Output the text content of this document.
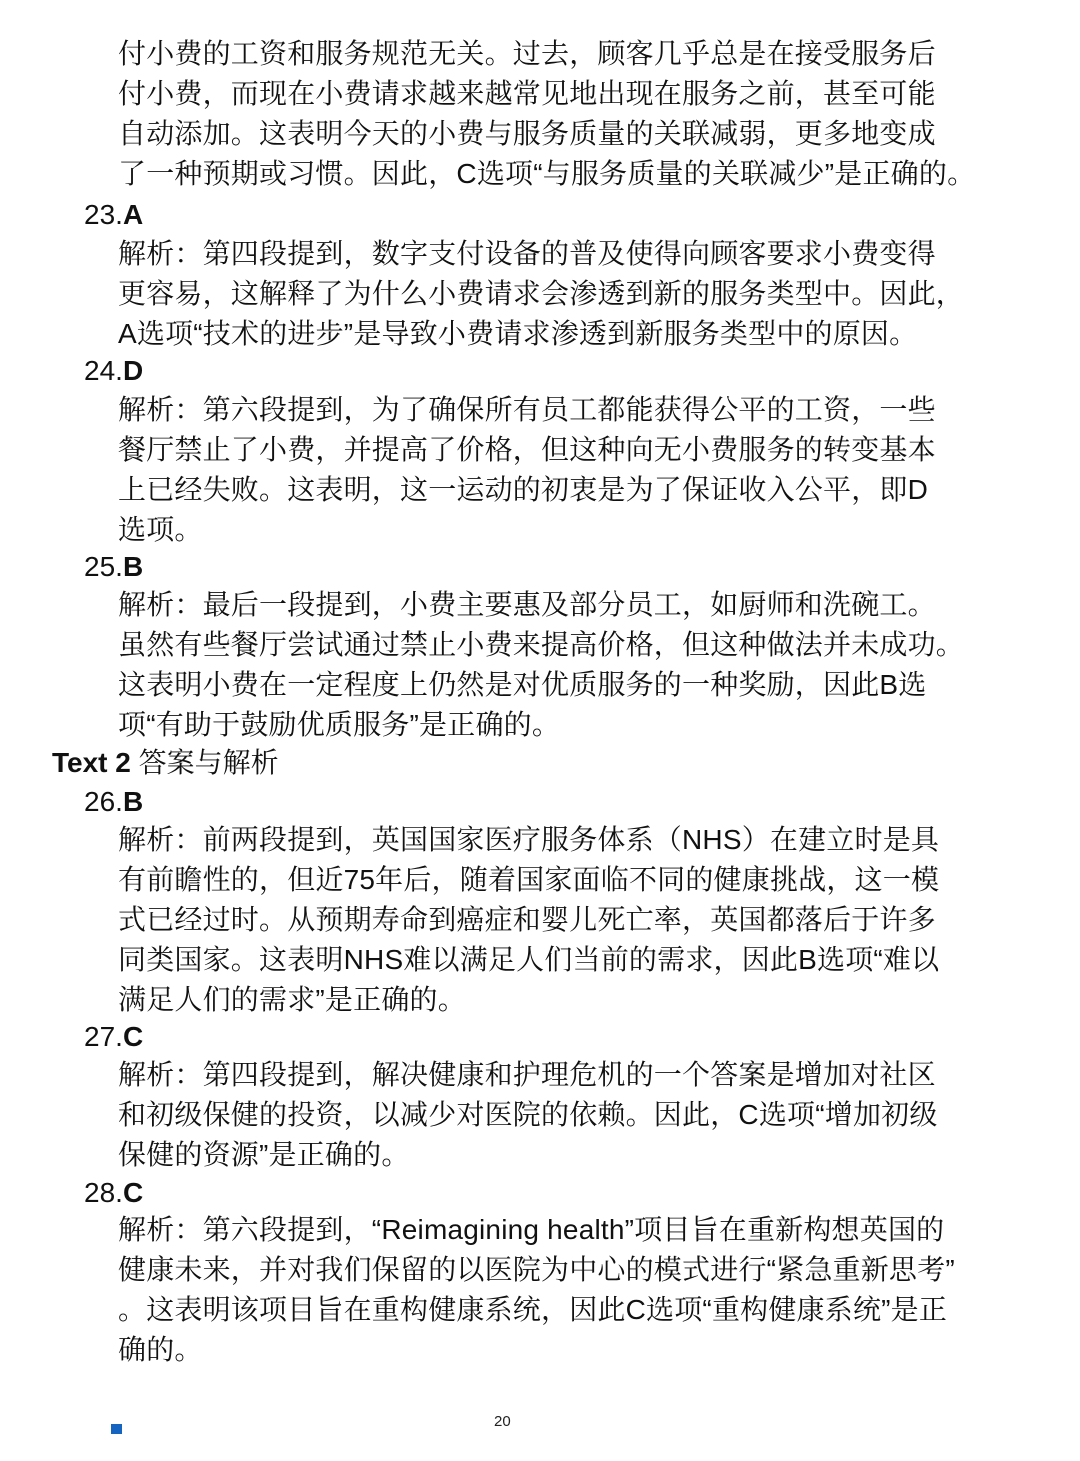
付小费的工资和服务规范无关。过去，顾客几乎总是在接受服务后
付小费，而现在小费请求越来越常见地出现在服务之前，甚至可能
自动添加。这表明今天的小费与服务质量的关联减弱，更多地变成
了一种预期或习惯。因此，C选项“与服务质量的关联减少”是正确的。
23.A
解析：第四段提到，数字支付设备的普及使得向顾客要求小费变得
更容易，这解释了为什么小费请求会渗透到新的服务类型中。因此，
A选项“技术的进步”是导致小费请求渗透到新服务类型中的原因。
24.D
解析：第六段提到，为了确保所有员工都能获得公平的工资，一些
餐厅禁止了小费，并提高了价格，但这种向无小费服务的转变基本
上已经失败。这表明，这一运动的初衷是为了保证收入公平，即D
选项。
25.B
解析：最后一段提到，小费主要惠及部分员工，如厨师和洗碗工。
虽然有些餐厅尝试通过禁止小费来提高价格，但这种做法并未成功。
这表明小费在一定程度上仍然是对优质服务的一种奖励，因此B选
项“有助于鼓励优质服务”是正确的。
Text 2 答案与解析
26.B
解析：前两段提到，英国国家医疗服务体系（NHS）在建立时是具
有前瞻性的，但近75年后，随着国家面临不同的健康挑战，这一模
式已经过时。从预期寿命到癌症和婴儿死亡率，英国都落后于许多
同类国家。这表明NHS难以满足人们当前的需求，因此B选项“难以
满足人们的需求”是正确的。
27.C
解析：第四段提到，解决健康和护理危机的一个答案是增加对社区
和初级保健的投资，以减少对医院的依赖。因此，C选项“增加初级
保健的资源”是正确的。
28.C
解析：第六段提到，“Reimagining health”项目旨在重新构想英国的
健康未来，并对我们保留的以医院为中心的模式进行“紧急重新思考”
。这表明该项目旨在重构健康系统，因此C选项“重构健康系统”是正
确的。
20
